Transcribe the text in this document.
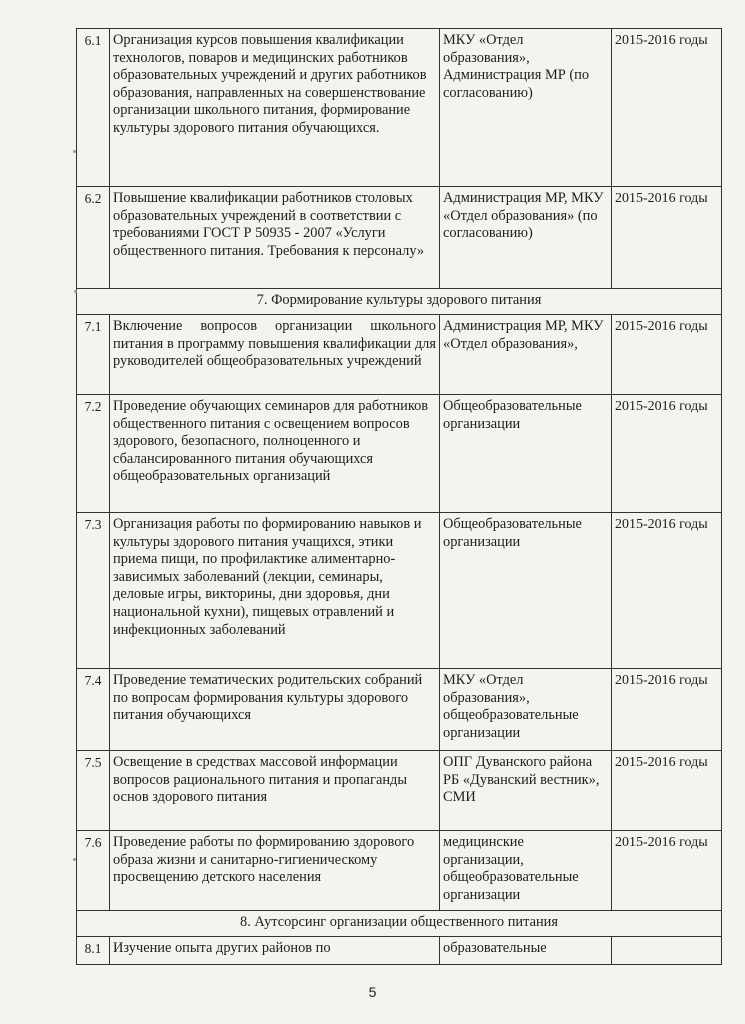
6.1	Организация курсов повышения квалификации технологов, поваров и медицинских работников образовательных учреждений и других работников образования, направленных на совершенствование организации школьного питания, формирование культуры здорового питания обучающихся.	МКУ «Отдел образования», Администрация МР (по согласованию)	2015-2016 годы
6.2	Повышение квалификации работников столовых образовательных учреждений в соответствии с требованиями ГОСТ Р 50935 - 2007 «Услуги общественного питания. Требования к персоналу»	Администрация МР, МКУ «Отдел образования» (по согласованию)	2015-2016 годы
7. Формирование культуры здорового питания			
7.1	Включение вопросов организации школьного питания в программу повышения квалификации для руководителей общеобразовательных учреждений	Администрация МР, МКУ «Отдел образования»,	2015-2016 годы
7.2	Проведение обучающих семинаров для работников общественного питания с освещением вопросов здорового, безопасного, полноценного и сбалансированного питания обучающихся общеобразовательных организаций	Общеобразовательные организации	2015-2016 годы
7.3	Организация работы по формированию навыков и культуры здорового питания учащихся, этики приема пищи, по профилактике алиментарно-зависимых заболеваний (лекции, семинары, деловые игры, викторины, дни здоровья, дни национальной кухни), пищевых отравлений и инфекционных заболеваний	Общеобразовательные организации	2015-2016 годы
7.4	Проведение тематических родительских собраний по вопросам формирования культуры здорового питания обучающихся	МКУ «Отдел образования», общеобразовательные организации	2015-2016 годы
7.5	Освещение в средствах массовой информации вопросов рационального питания и пропаганды основ здорового питания	ОПГ Дуванского района РБ «Дуванский вестник», СМИ	2015-2016 годы
7.6	Проведение работы по формированию здорового образа жизни и санитарно-гигиеническому просвещению детского населения	медицинские организации, общеобразовательные организации	2015-2016 годы
8. Аутсорсинг организации общественного питания			
8.1	Изучение опыта других районов по	образовательные	
5
